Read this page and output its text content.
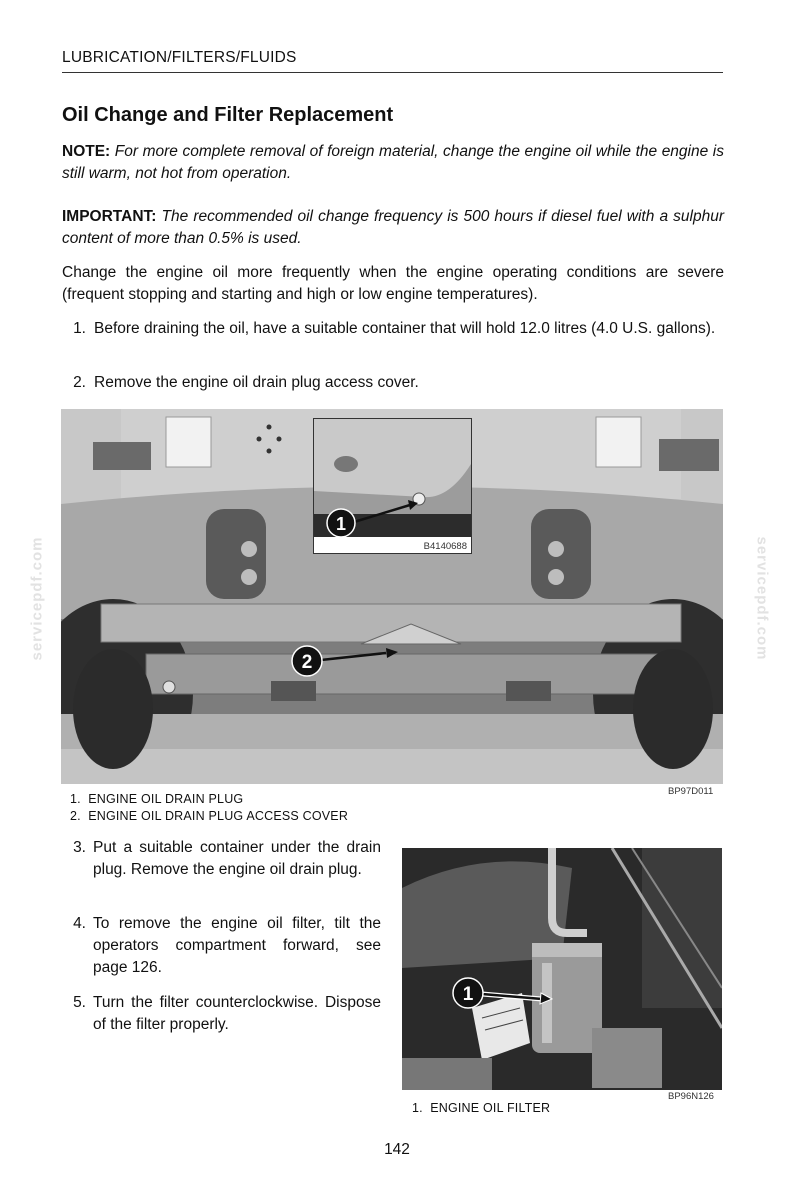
LUBRICATION/FILTERS/FLUIDS
Oil Change and Filter Replacement
NOTE: For more complete removal of foreign material, change the engine oil while the engine is still warm, not hot from operation.
IMPORTANT: The recommended oil change frequency is 500 hours if diesel fuel with a sulphur content of more than 0.5% is used.
Change the engine oil more frequently when the engine operating conditions are severe (frequent stopping and starting and high or low engine temperatures).
1. Before draining the oil, have a suitable container that will hold 12.0 litres (4.0 U.S. gallons).
2. Remove the engine oil drain plug access cover.
2
1
B4140688
BP97D011
1. ENGINE OIL DRAIN PLUG
2. ENGINE OIL DRAIN PLUG ACCESS COVER
3. Put a suitable container under the drain plug. Remove the engine oil drain plug.
4. To remove the engine oil filter, tilt the operators compartment forward, see page 126.
5. Turn the filter counterclockwise. Dispose of the filter properly.
1
BP96N126
1. ENGINE OIL FILTER
servicepdf.com	servicepdf.com
142
